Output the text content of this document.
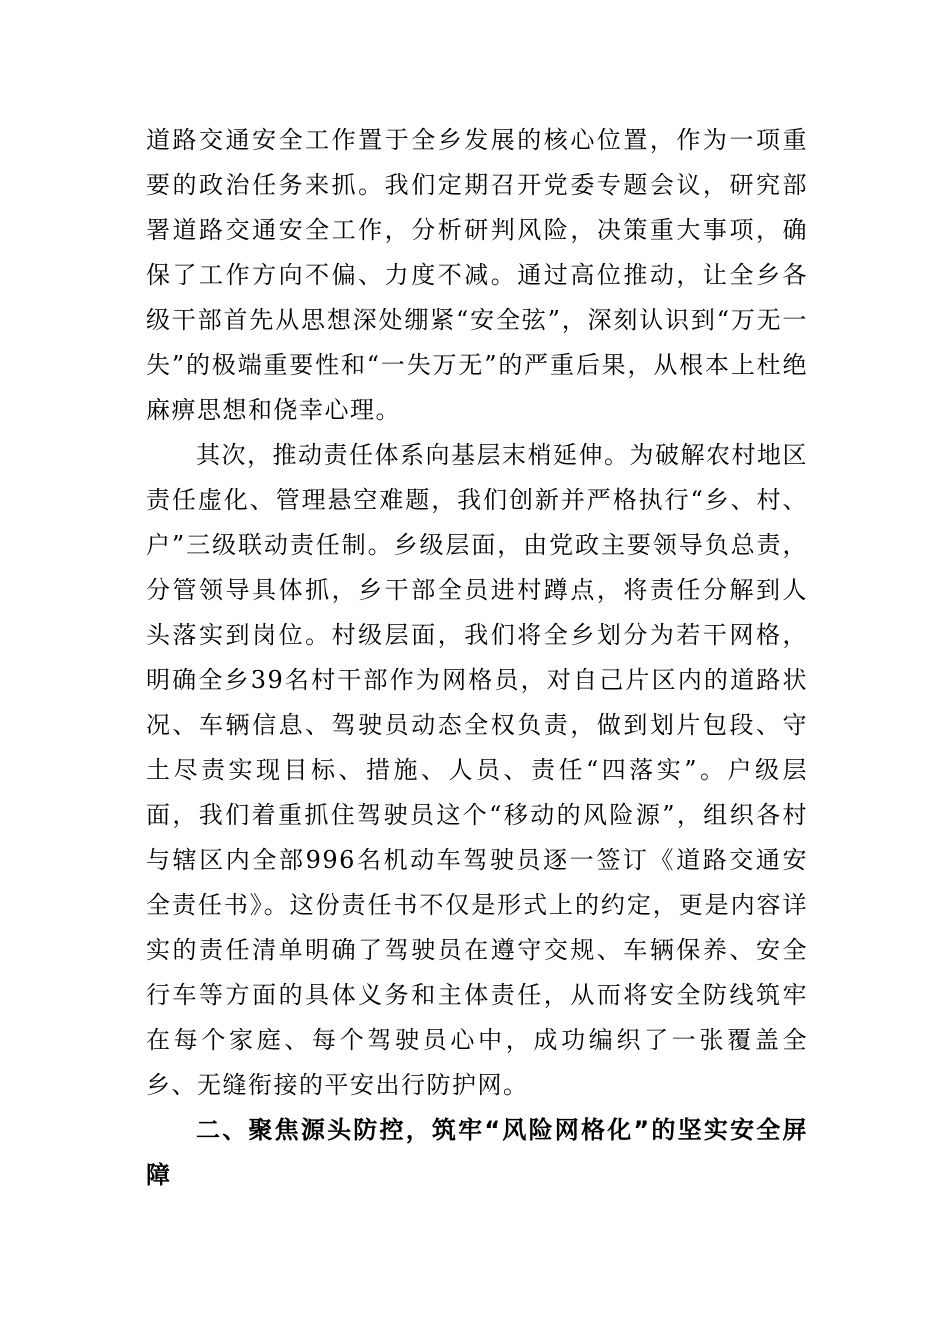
道路交通安全工作置于全乡发展的核心位置，作为一项重要的政治任务来抓。我们定期召开党委专题会议，研究部署道路交通安全工作，分析研判风险，决策重大事项，确保了工作方向不偏、力度不减。通过高位推动，让全乡各级干部首先从思想深处绷紧“安全弦”，深刻认识到“万无一失”的极端重要性和“一失万无”的严重后果，从根本上杜绝麻痹思想和侥幸心理。

其次，推动责任体系向基层末梢延伸。为破解农村地区责任虚化、管理悬空难题，我们创新并严格执行“乡、村、户”三级联动责任制。乡级层面，由党政主要领导负总责，分管领导具体抓，乡干部全员进村蹲点，将责任分解到人头落实到岗位。村级层面，我们将全乡划分为若干网格，明确全乡39名村干部作为网格员，对自己片区内的道路状况、车辆信息、驾驶员动态全权负责，做到划片包段、守土尽责实现目标、措施、人员、责任“四落实”。户级层面，我们着重抓住驾驶员这个“移动的风险源”，组织各村与辖区内全部996名机动车驾驶员逐一签订《道路交通安全责任书》。这份责任书不仅是形式上的约定，更是内容详实的责任清单明确了驾驶员在遵守交规、车辆保养、安全行车等方面的具体义务和主体责任，从而将安全防线筑牢在每个家庭、每个驾驶员心中，成功编织了一张覆盖全乡、无缝衔接的平安出行防护网。

二、聚焦源头防控，筑牢“风险网格化”的坚实安全屏障
